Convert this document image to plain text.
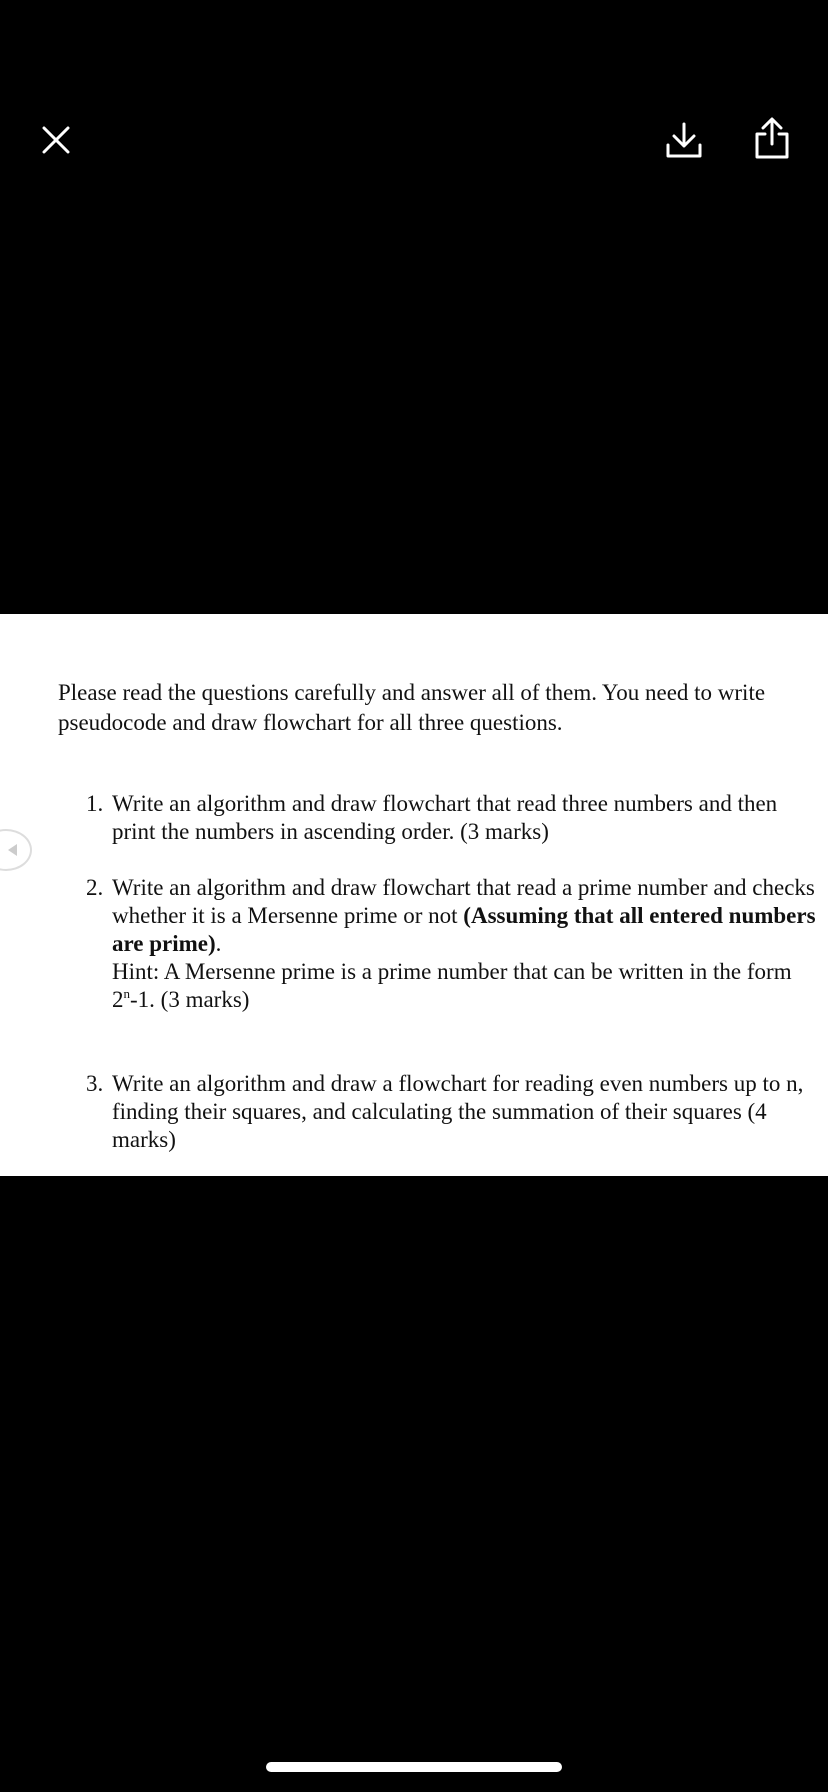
Please read the questions carefully and answer all of them. You need to write pseudocode and draw flowchart for all three questions.
1. Write an algorithm and draw flowchart that read three numbers and then print the numbers in ascending order. (3 marks)
2. Write an algorithm and draw flowchart that read a prime number and checks whether it is a Mersenne prime or not (Assuming that all entered numbers are prime).
Hint: A Mersenne prime is a prime number that can be written in the form 2$^n$-1. (3 marks)
3. Write an algorithm and draw a flowchart for reading even numbers up to n, finding their squares, and calculating the summation of their squares (4 marks)
